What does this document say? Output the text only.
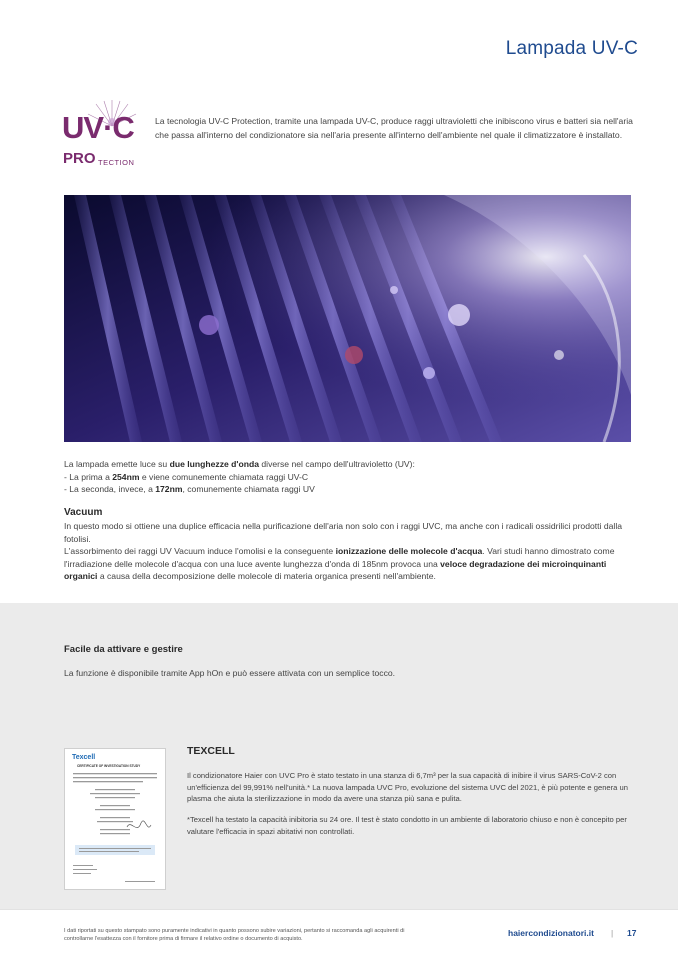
Lampada UV-C
UV·C
PRO TECTION
La tecnologia UV-C Protection, tramite una lampada UV-C, produce raggi ultravioletti che inibiscono virus e batteri sia nell'aria che passa all'interno del condizionatore sia nell'aria presente all'interno dell'ambiente nel quale il climatizzatore è installato.
La lampada emette luce su due lunghezze d'onda diverse nel campo dell'ultravioletto (UV):
- La prima a 254nm e viene comunemente chiamata raggi UV-C
- La seconda, invece, a 172nm, comunemente chiamata raggi UV
Vacuum
In questo modo si ottiene una duplice efficacia nella purificazione dell'aria non solo con i raggi UVC, ma anche con i radicali ossidrilici prodotti dalla fotolisi.
L'assorbimento dei raggi UV Vacuum induce l'omolisi e la conseguente ionizzazione delle molecole d'acqua. Vari studi hanno dimostrato come l'irradiazione delle molecole d'acqua con una luce avente lunghezza d'onda di 185nm provoca una veloce degradazione dei microinquinanti organici a causa della decomposizione delle molecole di materia organica presenti nell'ambiente.
Facile da attivare e gestire
La funzione è disponibile tramite App hOn e può essere attivata con un semplice tocco.
Texcell
CERTIFICATE OF INVESTIGATION STUDY
TEXCELL
Il condizionatore Haier con UVC Pro è stato testato in una stanza di 6,7m³ per la sua capacità di inibire il virus SARS-CoV-2 con un'efficienza del 99,991% nell'unità.* La nuova lampada UVC Pro, evoluzione del sistema UVC del 2021, è più potente e genera un plasma che aiuta la sterilizzazione in modo da avere una stanza più sana e pulita.
*Texcell ha testato la capacità inibitoria su 24 ore. Il test è stato condotto in un ambiente di laboratorio chiuso e non è concepito per valutare l'efficacia in spazi abitativi non controllati.
I dati riportati su questo stampato sono puramente indicativi in quanto possono subire variazioni, pertanto si raccomanda agli acquirenti di controllarne l'esattezza con il fornitore prima di firmare il relativo ordine o documento di acquisto.
haiercondizionatori.it | 17
